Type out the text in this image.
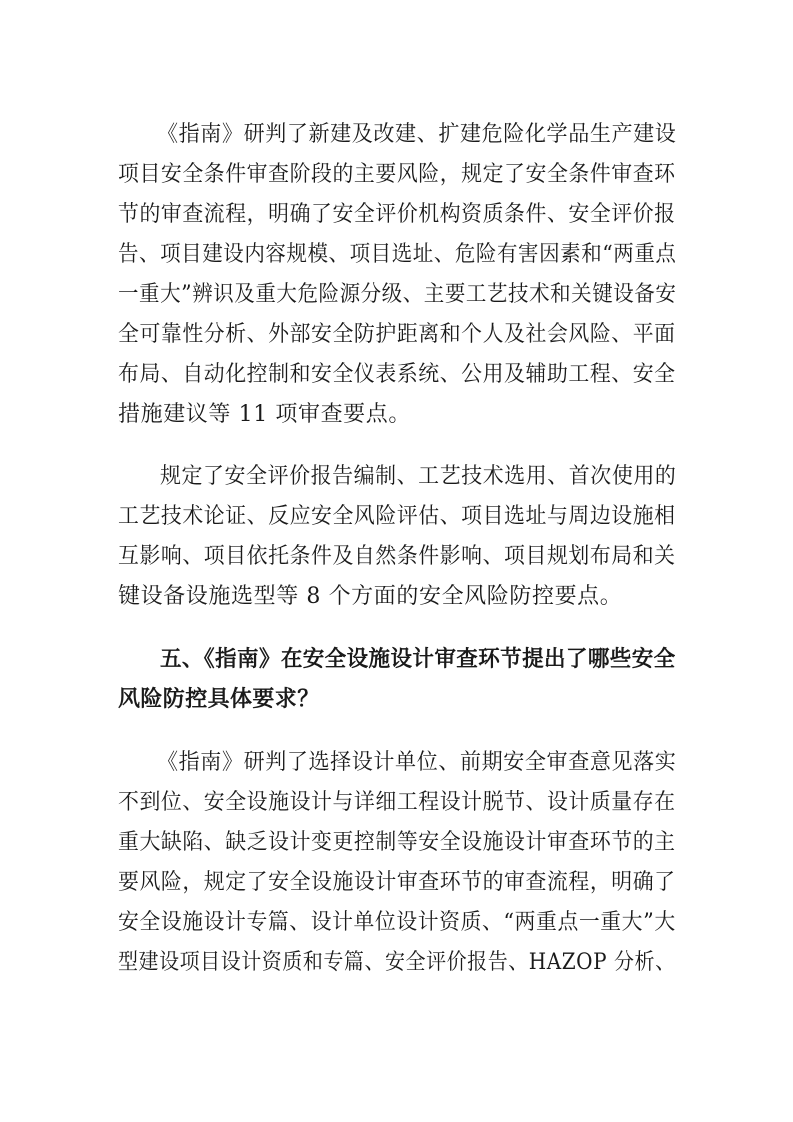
《指南》研判了新建及改建、扩建危险化学品生产建设
项目安全条件审查阶段的主要风险，规定了安全条件审查环
节的审查流程，明确了安全评价机构资质条件、安全评价报
告、项目建设内容规模、项目选址、危险有害因素和“两重点
一重大”辨识及重大危险源分级、主要工艺技术和关键设备安
全可靠性分析、外部安全防护距离和个人及社会风险、平面
布局、自动化控制和安全仪表系统、公用及辅助工程、安全
措施建议等 11 项审查要点。
规定了安全评价报告编制、工艺技术选用、首次使用的
工艺技术论证、反应安全风险评估、项目选址与周边设施相
互影响、项目依托条件及自然条件影响、项目规划布局和关
键设备设施选型等 8 个方面的安全风险防控要点。
五、《指南》在安全设施设计审查环节提出了哪些安全
风险防控具体要求？
《指南》研判了选择设计单位、前期安全审查意见落实
不到位、安全设施设计与详细工程设计脱节、设计质量存在
重大缺陷、缺乏设计变更控制等安全设施设计审查环节的主
要风险，规定了安全设施设计审查环节的审查流程，明确了
安全设施设计专篇、设计单位设计资质、“两重点一重大”大
型建设项目设计资质和专篇、安全评价报告、HAZOP 分析、
